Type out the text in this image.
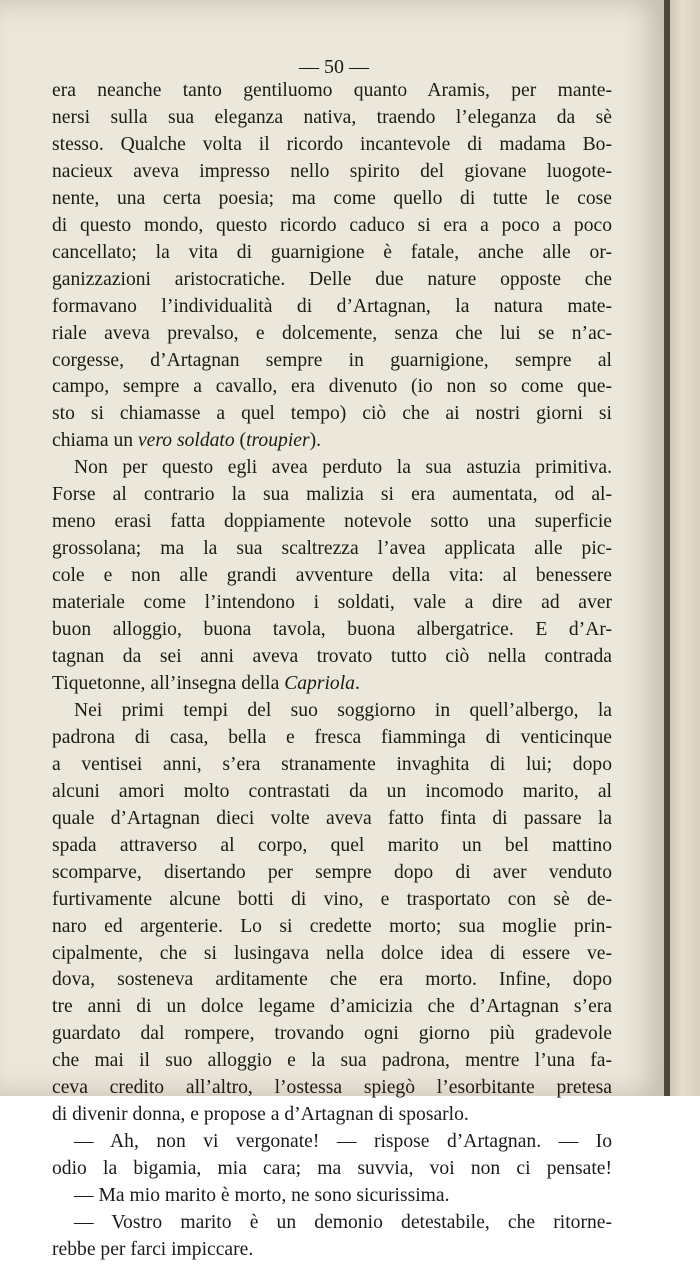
— 50 —
era neanche tanto gentiluomo quanto Aramis, per mante-
nersi sulla sua eleganza nativa, traendo l’eleganza da sè
stesso. Qualche volta il ricordo incantevole di madama Bo-
nacieux aveva impresso nello spirito del giovane luogote-
nente, una certa poesia; ma come quello di tutte le cose
di questo mondo, questo ricordo caduco si era a poco a poco
cancellato; la vita di guarnigione è fatale, anche alle or-
ganizzazioni aristocratiche. Delle due nature opposte che
formavano l’individualità di d’Artagnan, la natura mate-
riale aveva prevalso, e dolcemente, senza che lui se n’ac-
corgesse, d’Artagnan sempre in guarnigione, sempre al
campo, sempre a cavallo, era divenuto (io non so come que-
sto si chiamasse a quel tempo) ciò che ai nostri giorni si
chiama un vero soldato (troupier).
Non per questo egli avea perduto la sua astuzia primitiva.
Forse al contrario la sua malizia si era aumentata, od al-
meno erasi fatta doppiamente notevole sotto una superficie
grossolana; ma la sua scaltrezza l’avea applicata alle pic-
cole e non alle grandi avventure della vita: al benessere
materiale come l’intendono i soldati, vale a dire ad aver
buon alloggio, buona tavola, buona albergatrice. E d’Ar-
tagnan da sei anni aveva trovato tutto ciò nella contrada
Tiquetonne, all’insegna della Capriola.
Nei primi tempi del suo soggiorno in quell’albergo, la
padrona di casa, bella e fresca fiamminga di venticinque
a ventisei anni, s’era stranamente invaghita di lui; dopo
alcuni amori molto contrastati da un incomodo marito, al
quale d’Artagnan dieci volte aveva fatto finta di passare la
spada attraverso al corpo, quel marito un bel mattino
scomparve, disertando per sempre dopo di aver venduto
furtivamente alcune botti di vino, e trasportato con sè de-
naro ed argenterie. Lo si credette morto; sua moglie prin-
cipalmente, che si lusingava nella dolce idea di essere ve-
dova, sosteneva arditamente che era morto. Infine, dopo
tre anni di un dolce legame d’amicizia che d’Artagnan s’era
guardato dal rompere, trovando ogni giorno più gradevole
che mai il suo alloggio e la sua padrona, mentre l’una fa-
ceva credito all’altro, l’ostessa spiegò l’esorbitante pretesa
di divenir donna, e propose a d’Artagnan di sposarlo.
— Ah, non vi vergonate! — rispose d’Artagnan. — Io
odio la bigamia, mia cara; ma suvvia, voi non ci pensate!
— Ma mio marito è morto, ne sono sicurissima.
— Vostro marito è un demonio detestabile, che ritorne-
rebbe per farci impiccare.
